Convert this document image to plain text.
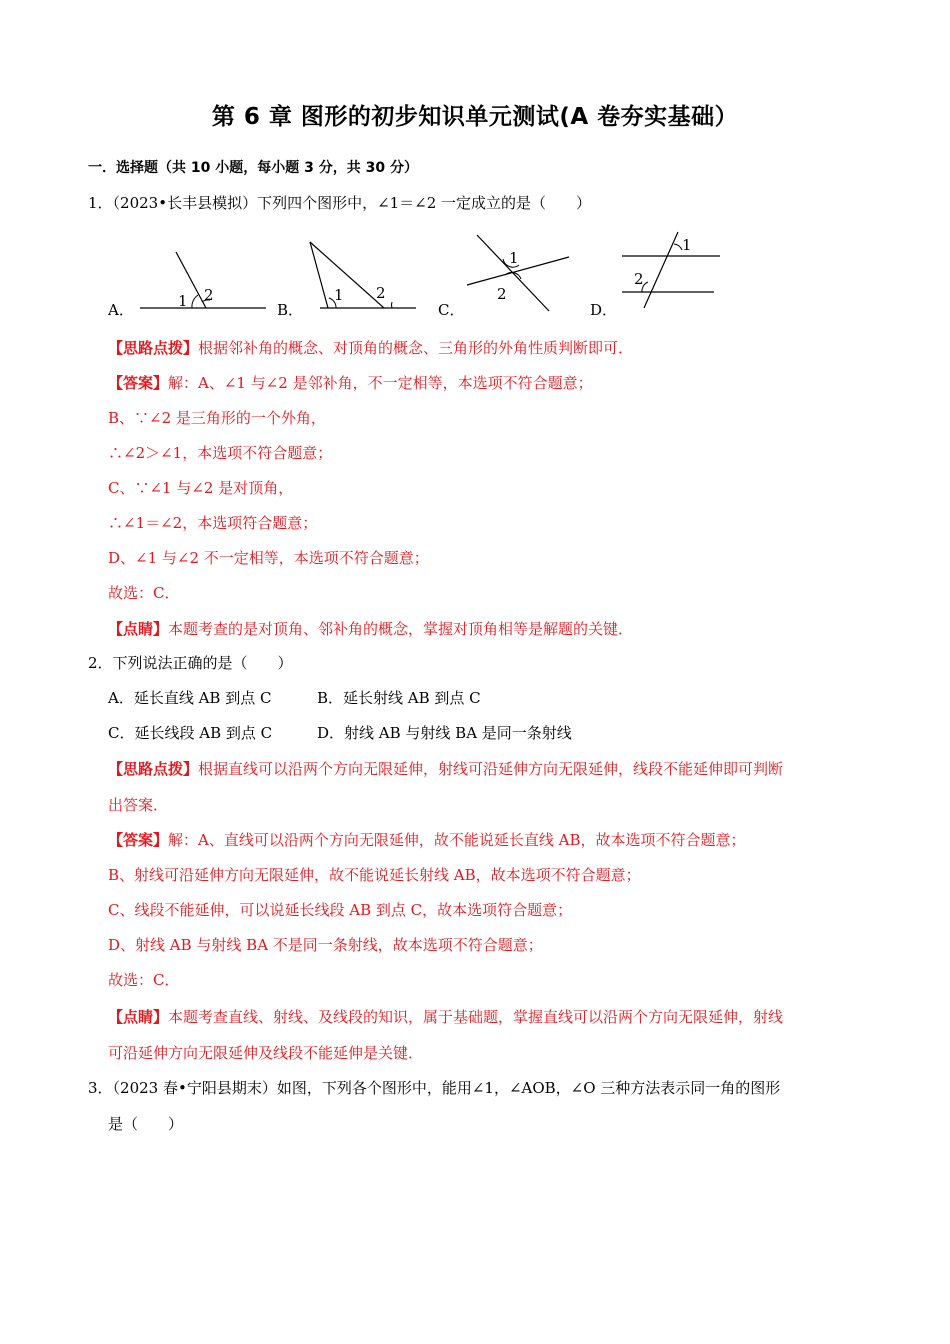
第 6 章 图形的初步知识单元测试(A 卷夯实基础）
一．选择题（共 10 小题，每小题 3 分，共 30 分）
1．（2023•长丰县模拟）下列四个图形中，∠1＝∠2 一定成立的是（　　）
A．	1 2
B．
1 2
C．
1
2
D．
1
2
【思路点拨】根据邻补角的概念、对顶角的概念、三角形的外角性质判断即可．
【答案】解：A、∠1 与∠2 是邻补角，不一定相等，本选项不符合题意；
B、∵∠2 是三角形的一个外角，
∴∠2＞∠1，本选项不符合题意；
C、∵∠1 与∠2 是对顶角，
∴∠1＝∠2，本选项符合题意；
D、∠1 与∠2 不一定相等，本选项不符合题意；
故选：C．
【点睛】本题考查的是对顶角、邻补角的概念，掌握对顶角相等是解题的关键．
2．下列说法正确的是（　　）
A．延长直线 AB 到点 C	B．延长射线 AB 到点 C
C．延长线段 AB 到点 C	D．射线 AB 与射线 BA 是同一条射线
【思路点拨】根据直线可以沿两个方向无限延伸，射线可沿延伸方向无限延伸，线段不能延伸即可判断
出答案．
【答案】解：A、直线可以沿两个方向无限延伸，故不能说延长直线 AB，故本选项不符合题意；
B、射线可沿延伸方向无限延伸，故不能说延长射线 AB，故本选项不符合题意；
C、线段不能延伸，可以说延长线段 AB 到点 C，故本选项符合题意；
D、射线 AB 与射线 BA 不是同一条射线，故本选项不符合题意；
故选：C．
【点睛】本题考查直线、射线、及线段的知识，属于基础题，掌握直线可以沿两个方向无限延伸，射线
可沿延伸方向无限延伸及线段不能延伸是关键．
3．（2023 春•宁阳县期末）如图，下列各个图形中，能用∠1，∠AOB，∠O 三种方法表示同一角的图形
是（　　）
